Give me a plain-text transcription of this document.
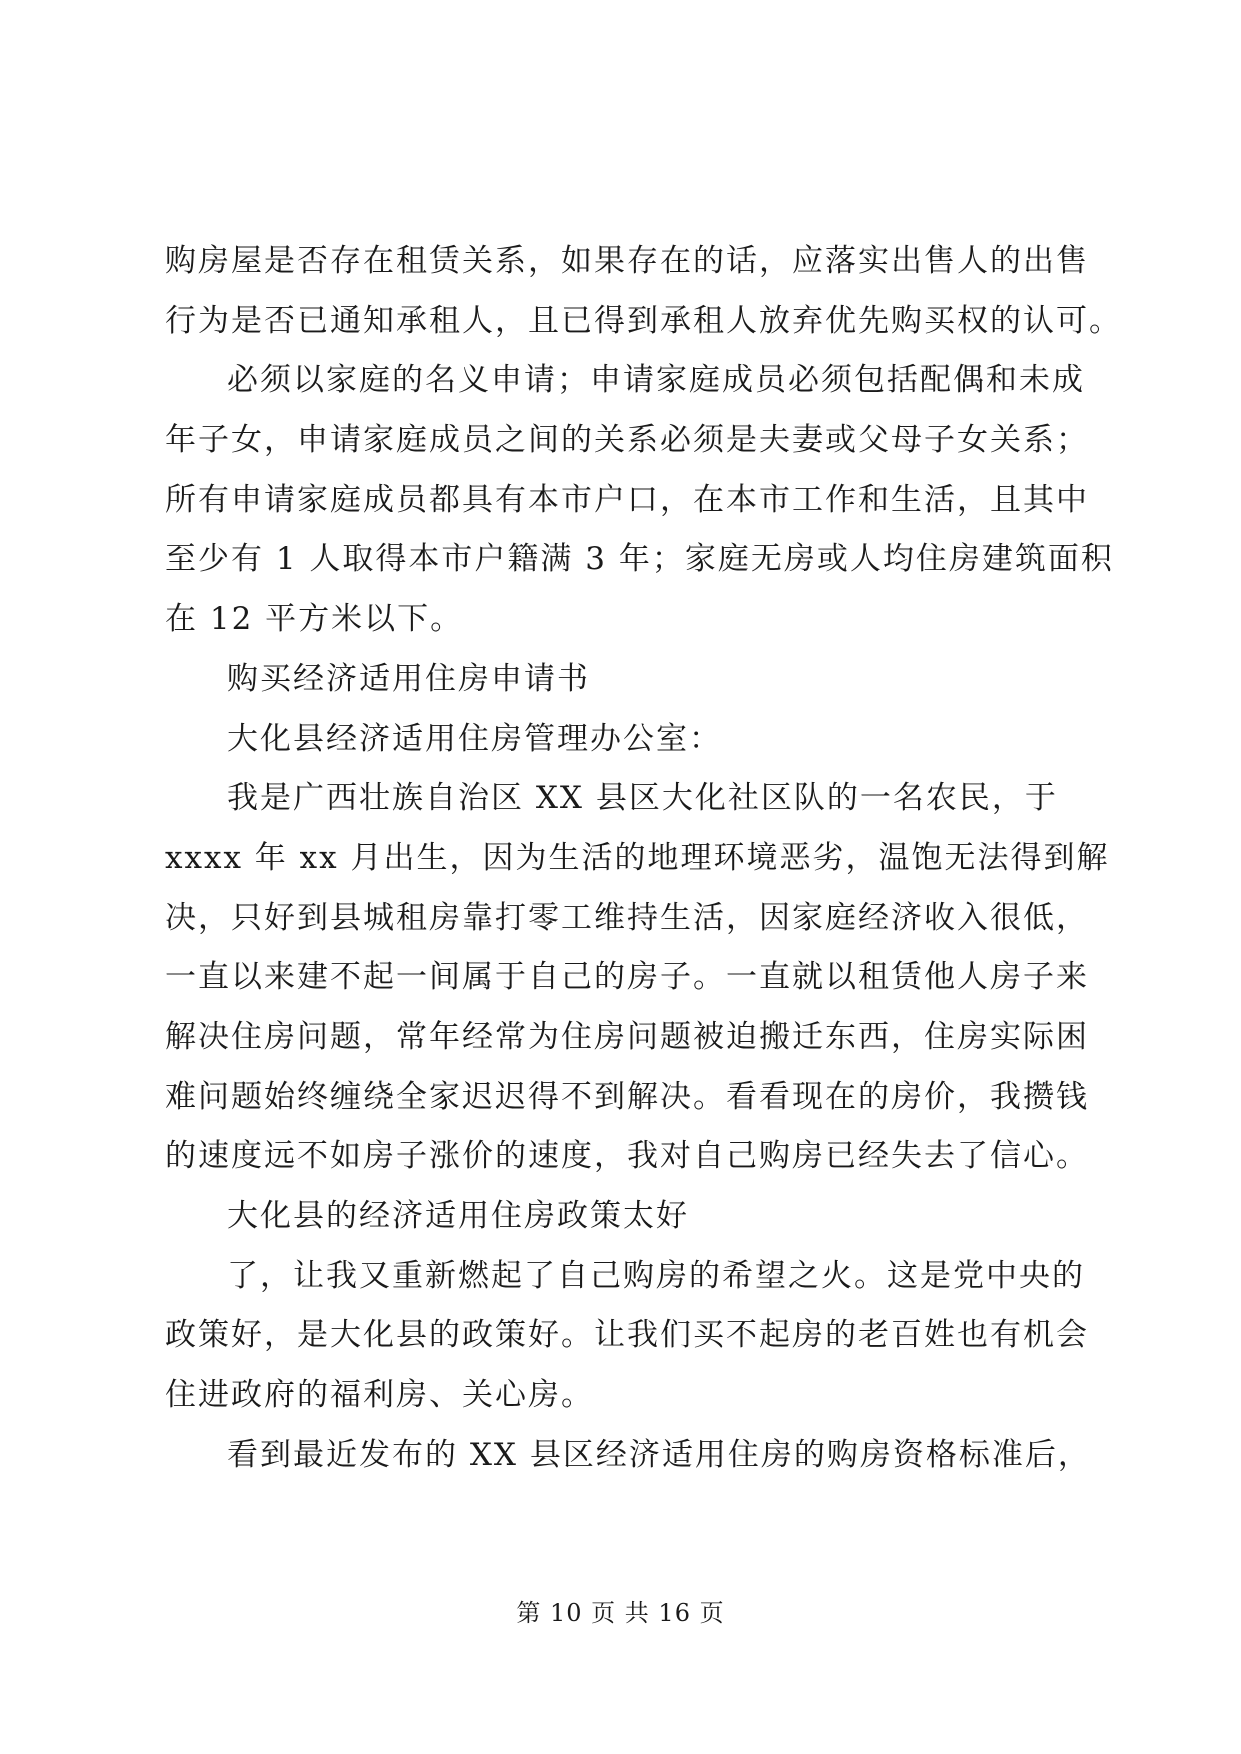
购房屋是否存在租赁关系，如果存在的话，应落实出售人的出售
行为是否已通知承租人，且已得到承租人放弃优先购买权的认可。
必须以家庭的名义申请；申请家庭成员必须包括配偶和未成
年子女，申请家庭成员之间的关系必须是夫妻或父母子女关系；
所有申请家庭成员都具有本市户口，在本市工作和生活，且其中
至少有 1 人取得本市户籍满 3 年；家庭无房或人均住房建筑面积
在 12 平方米以下。
购买经济适用住房申请书
大化县经济适用住房管理办公室：
我是广西壮族自治区 XX 县区大化社区队的一名农民，于
xxxx 年 xx 月出生，因为生活的地理环境恶劣，温饱无法得到解
决，只好到县城租房靠打零工维持生活，因家庭经济收入很低，
一直以来建不起一间属于自己的房子。一直就以租赁他人房子来
解决住房问题，常年经常为住房问题被迫搬迁东西，住房实际困
难问题始终缠绕全家迟迟得不到解决。看看现在的房价，我攒钱
的速度远不如房子涨价的速度，我对自己购房已经失去了信心。
大化县的经济适用住房政策太好
了，让我又重新燃起了自己购房的希望之火。这是党中央的
政策好，是大化县的政策好。让我们买不起房的老百姓也有机会
住进政府的福利房、关心房。
看到最近发布的 XX 县区经济适用住房的购房资格标准后，
第 10 页 共 16 页
